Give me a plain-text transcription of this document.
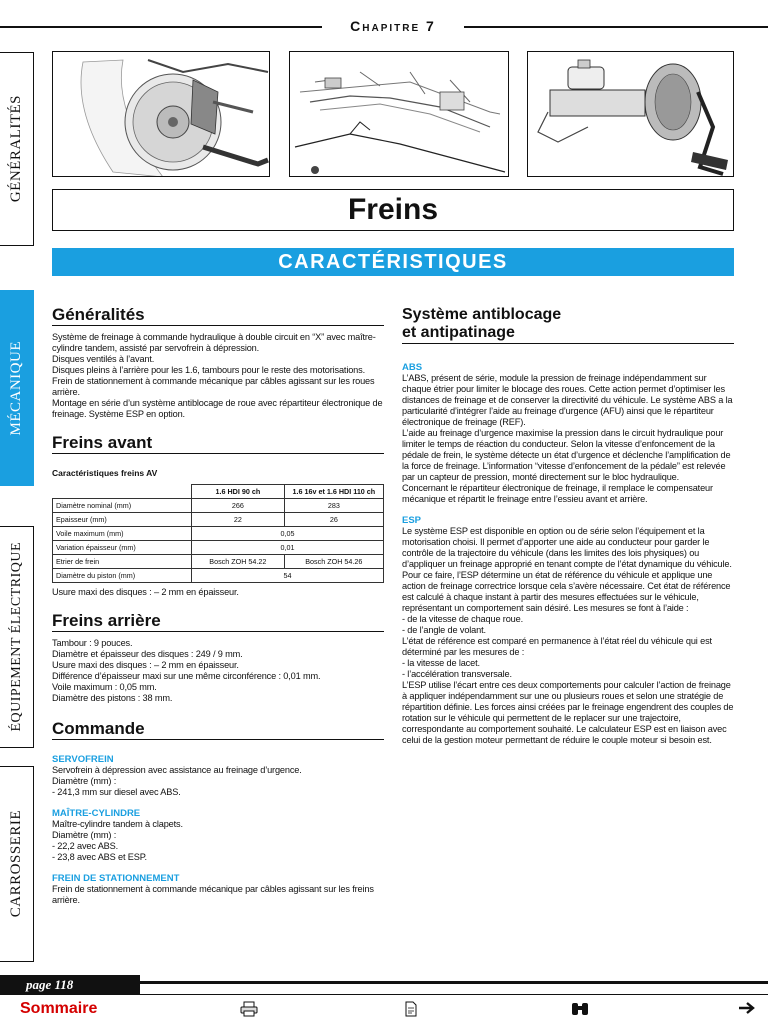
Chapitre 7
GÉNÉRALITÉS
MÉCANIQUE
ÉQUIPEMENT ÉLECTRIQUE
CARROSSERIE
Freins
CARACTÉRISTIQUES
Généralités
Système de freinage à commande hydraulique à double circuit en “X” avec maître-cylindre tandem, assisté par servofrein à dépression.
Disques ventilés à l’avant.
Disques pleins à l’arrière pour les 1.6, tambours pour le reste des motorisations.
Frein de stationnement à commande mécanique par câbles agissant sur les roues arrière.
Montage en série d’un système antiblocage de roue avec répartiteur électronique de freinage. Système ESP en option.
Freins avant
Caractéristiques freins AV
	1.6 HDI 90 ch	1.6 16v et 1.6 HDI 110 ch
Diamètre nominal (mm)	266	283
Epaisseur (mm)	22	26
Voile maximum (mm)	0,05	
Variation épaisseur (mm)	0,01	
Etrier de frein	Bosch ZOH 54.22	Bosch ZOH 54.26
Diamètre du piston (mm)	54	
Usure maxi des disques : – 2 mm en épaisseur.
Freins arrière
Tambour : 9 pouces.
Diamètre et épaisseur des disques : 249 / 9 mm.
Usure maxi des disques : – 2 mm en épaisseur.
Différence d’épaisseur maxi sur une même circonférence : 0,01 mm.
Voile maximum : 0,05 mm.
Diamètre des pistons : 38 mm.
Commande
SERVOFREIN
Servofrein à dépression avec assistance au freinage d’urgence.
Diamètre (mm) :
- 241,3 mm sur diesel avec ABS.
MAÎTRE-CYLINDRE
Maître-cylindre tandem à clapets.
Diamètre (mm) :
- 22,2 avec ABS.
- 23,8 avec ABS et ESP.
FREIN DE STATIONNEMENT
Frein de stationnement à commande mécanique par câbles agissant sur les freins arrière.
Système antiblocage
et antipatinage
ABS
L’ABS, présent de série, module la pression de freinage indépendamment sur chaque étrier pour limiter le blocage des roues. Cette action permet d’optimiser les distances de freinage et de conserver la directivité du véhicule. Le système ABS a la particularité d’intégrer l’aide au freinage d’urgence (AFU) ainsi que le répartiteur électronique de freinage (REF).
L’aide au freinage d’urgence maximise la pression dans le circuit hydraulique pour limiter le temps de réaction du conducteur. Selon la vitesse d’enfoncement de la pédale de frein, le système détecte un état d’urgence et déclenche l’amplification de la force de freinage. L’information “vitesse d’enfoncement de la pédale” est relevée par un capteur de pression, monté directement sur le bloc hydraulique.
Concernant le répartiteur électronique de freinage, il remplace le compensateur mécanique et répartit le freinage entre l’essieu avant et arrière.
ESP
Le système ESP est disponible en option ou de série selon l’équipement et la motorisation choisi. Il permet d’apporter une aide au conducteur pour garder le contrôle de la trajectoire du véhicule (dans les limites des lois physiques) ou d’appliquer un freinage approprié en tenant compte de l’état dynamique du véhicule.
Pour ce faire, l’ESP détermine un état de référence du véhicule et applique une action de freinage correctrice lorsque cela s’avère nécessaire. Cet état de référence est calculé à chaque instant à partir des mesures effectuées sur le véhicule, représentant un comportement sain désiré. Les mesures se font à l’aide :
- de la vitesse de chaque roue.
- de l’angle de volant.
L’état de référence est comparé en permanence à l’état réel du véhicule qui est déterminé par les mesures de :
- la vitesse de lacet.
- l’accélération transversale.
L’ESP utilise l’écart entre ces deux comportements pour calculer l’action de freinage à appliquer indépendamment sur une ou plusieurs roues et selon une stratégie de répartition définie. Les forces ainsi créées par le freinage engendrent des couples de rotation sur le véhicule qui permettent de le replacer sur une trajectoire, correspondante au comportement souhaité. Le calculateur ESP est en liaison avec celui de la gestion moteur permettant de réduire le couple moteur si besoin est.
page 118
Sommaire
